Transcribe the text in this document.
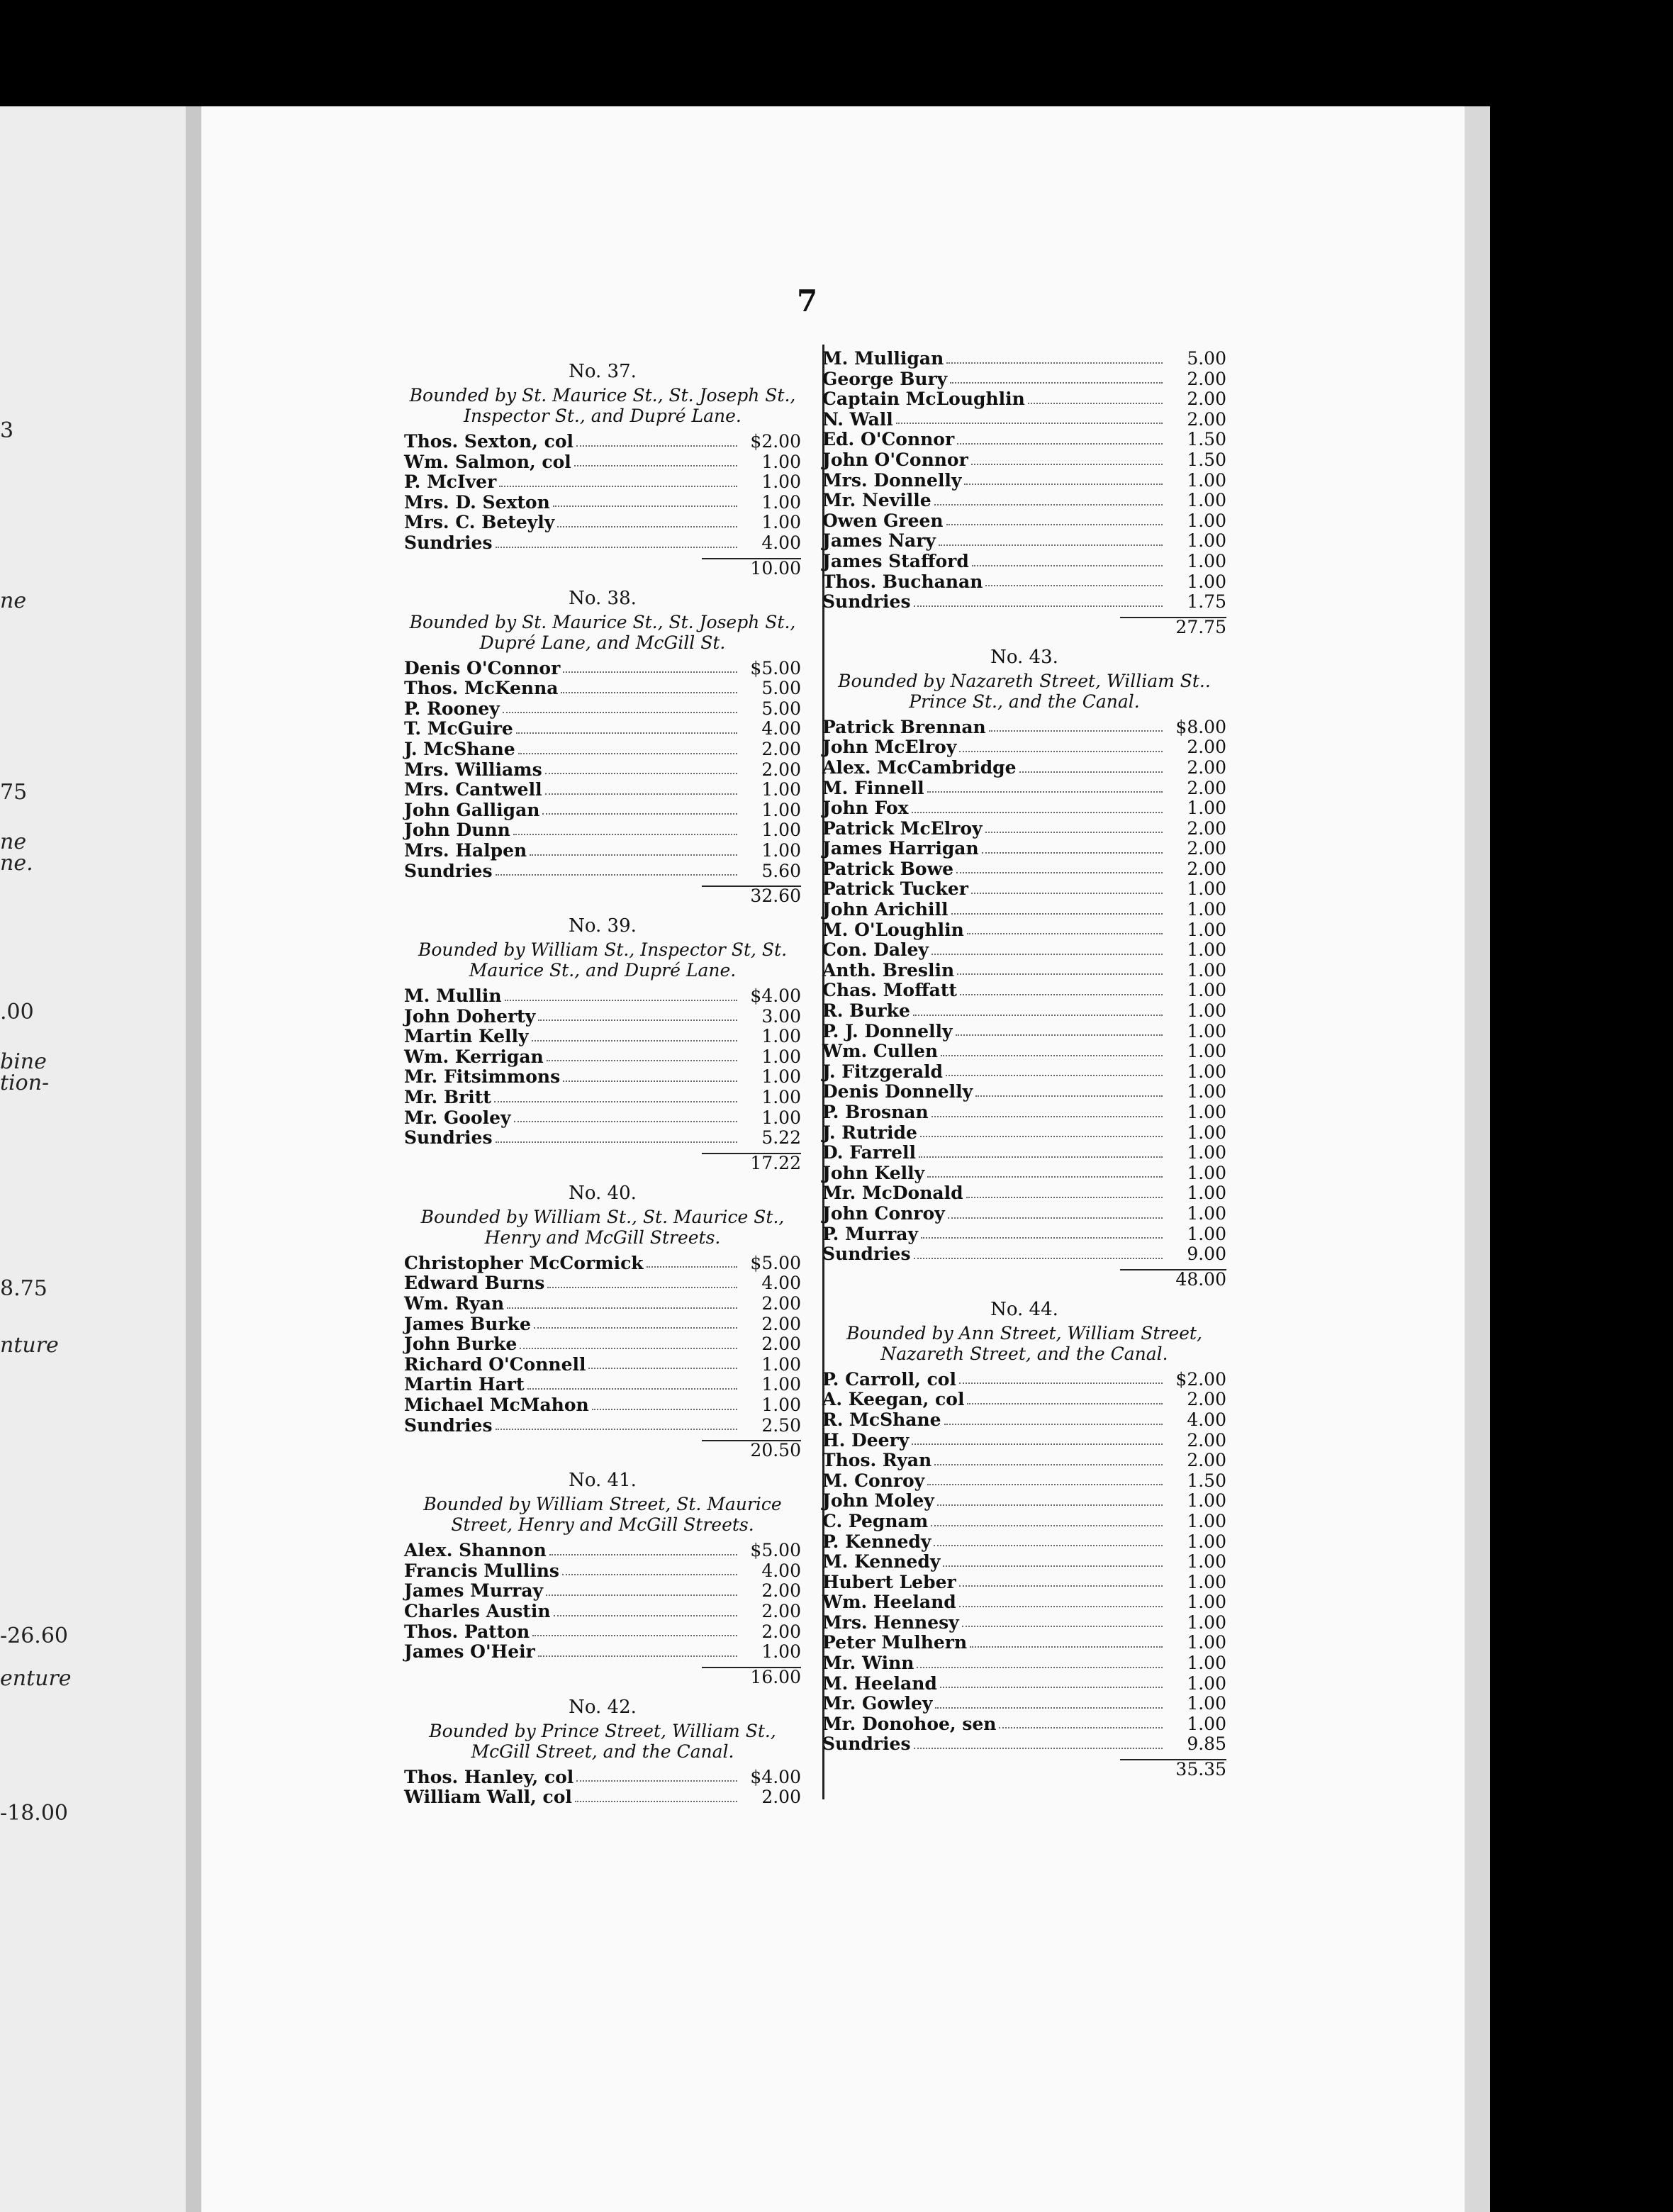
3
ne
75
ne
ne.
.00
bine
tion-
8.75
nture
-26.60
enture
-18.00
7
No. 37.
Bounded by St. Maurice St., St. Joseph St., Inspector St., and Dupré Lane.
Thos. Sexton, col	$2.00
Wm. Salmon, col	1.00
P. McIver	1.00
Mrs. D. Sexton	1.00
Mrs. C. Beteyly	1.00
Sundries	4.00
10.00
No. 38.
Bounded by St. Maurice St., St. Joseph St., Dupré Lane, and McGill St.
Denis O'Connor	$5.00
Thos. McKenna	5.00
P. Rooney	5.00
T. McGuire	4.00
J. McShane	2.00
Mrs. Williams	2.00
Mrs. Cantwell	1.00
John Galligan	1.00
John Dunn	1.00
Mrs. Halpen	1.00
Sundries	5.60
32.60
No. 39.
Bounded by William St., Inspector St, St. Maurice St., and Dupré Lane.
M. Mullin	$4.00
John Doherty	3.00
Martin Kelly	1.00
Wm. Kerrigan	1.00
Mr. Fitsimmons	1.00
Mr. Britt	1.00
Mr. Gooley	1.00
Sundries	5.22
17.22
No. 40.
Bounded by William St., St. Maurice St., Henry and McGill Streets.
Christopher McCormick	$5.00
Edward Burns	4.00
Wm. Ryan	2.00
James Burke	2.00
John Burke	2.00
Richard O'Connell	1.00
Martin Hart	1.00
Michael McMahon	1.00
Sundries	2.50
20.50
No. 41.
Bounded by William Street, St. Maurice Street, Henry and McGill Streets.
Alex. Shannon	$5.00
Francis Mullins	4.00
James Murray	2.00
Charles Austin	2.00
Thos. Patton	2.00
James O'Heir	1.00
16.00
No. 42.
Bounded by Prince Street, William St., McGill Street, and the Canal.
Thos. Hanley, col	$4.00
William Wall, col	2.00
M. Mulligan	5.00
George Bury	2.00
Captain McLoughlin	2.00
N. Wall	2.00
Ed. O'Connor	1.50
John O'Connor	1.50
Mrs. Donnelly	1.00
Mr. Neville	1.00
Owen Green	1.00
James Nary	1.00
James Stafford	1.00
Thos. Buchanan	1.00
Sundries	1.75
27.75
No. 43.
Bounded by Nazareth Street, William St.. Prince St., and the Canal.
Patrick Brennan	$8.00
John McElroy	2.00
Alex. McCambridge	2.00
M. Finnell	2.00
John Fox	1.00
Patrick McElroy	2.00
James Harrigan	2.00
Patrick Bowe	2.00
Patrick Tucker	1.00
John Arichill	1.00
M. O'Loughlin	1.00
Con. Daley	1.00
Anth. Breslin	1.00
Chas. Moffatt	1.00
R. Burke	1.00
P. J. Donnelly	1.00
Wm. Cullen	1.00
J. Fitzgerald	1.00
Denis Donnelly	1.00
P. Brosnan	1.00
J. Rutride	1.00
D. Farrell	1.00
John Kelly	1.00
Mr. McDonald	1.00
John Conroy	1.00
P. Murray	1.00
Sundries	9.00
48.00
No. 44.
Bounded by Ann Street, William Street, Nazareth Street, and the Canal.
P. Carroll, col	$2.00
A. Keegan, col	2.00
R. McShane	4.00
H. Deery	2.00
Thos. Ryan	2.00
M. Conroy	1.50
John Moley	1.00
C. Pegnam	1.00
P. Kennedy	1.00
M. Kennedy	1.00
Hubert Leber	1.00
Wm. Heeland	1.00
Mrs. Hennesy	1.00
Peter Mulhern	1.00
Mr. Winn	1.00
M. Heeland	1.00
Mr. Gowley	1.00
Mr. Donohoe, sen	1.00
Sundries	9.85
35.35
